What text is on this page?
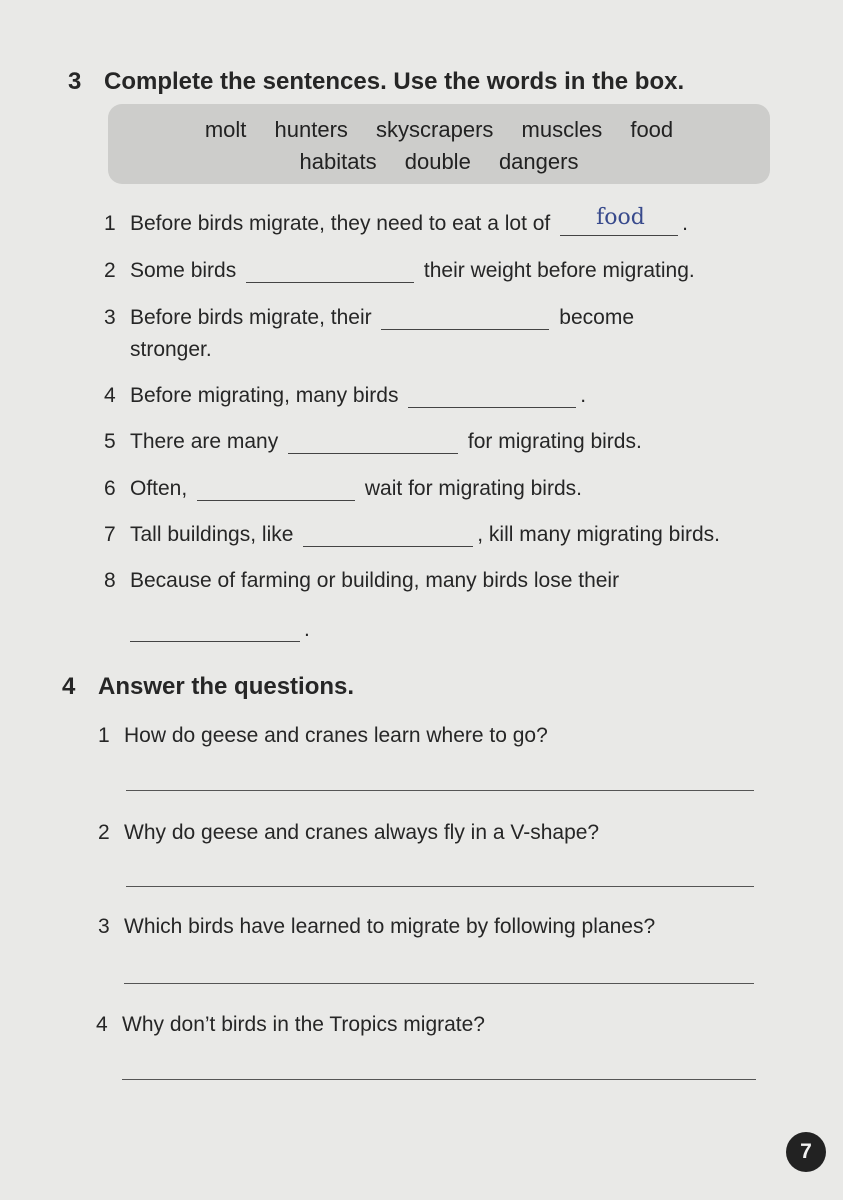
3 Complete the sentences. Use the words in the box.
molt hunters skyscrapers muscles food
habitats double dangers
1 Before birds migrate, they need to eat a lot of food .
2 Some birds	their weight before migrating.
3 Before birds migrate, their	become
stronger.
4 Before migrating, many birds	.
5 There are many	for migrating birds.
6 Often,	wait for migrating birds.
7 Tall buildings, like	, kill many migrating birds.
8 Because of farming or building, many birds lose their
.
4 Answer the questions.
1 How do geese and cranes learn where to go?
2 Why do geese and cranes always fly in a V-shape?
3 Which birds have learned to migrate by following planes?
4 Why don’t birds in the Tropics migrate?
7
